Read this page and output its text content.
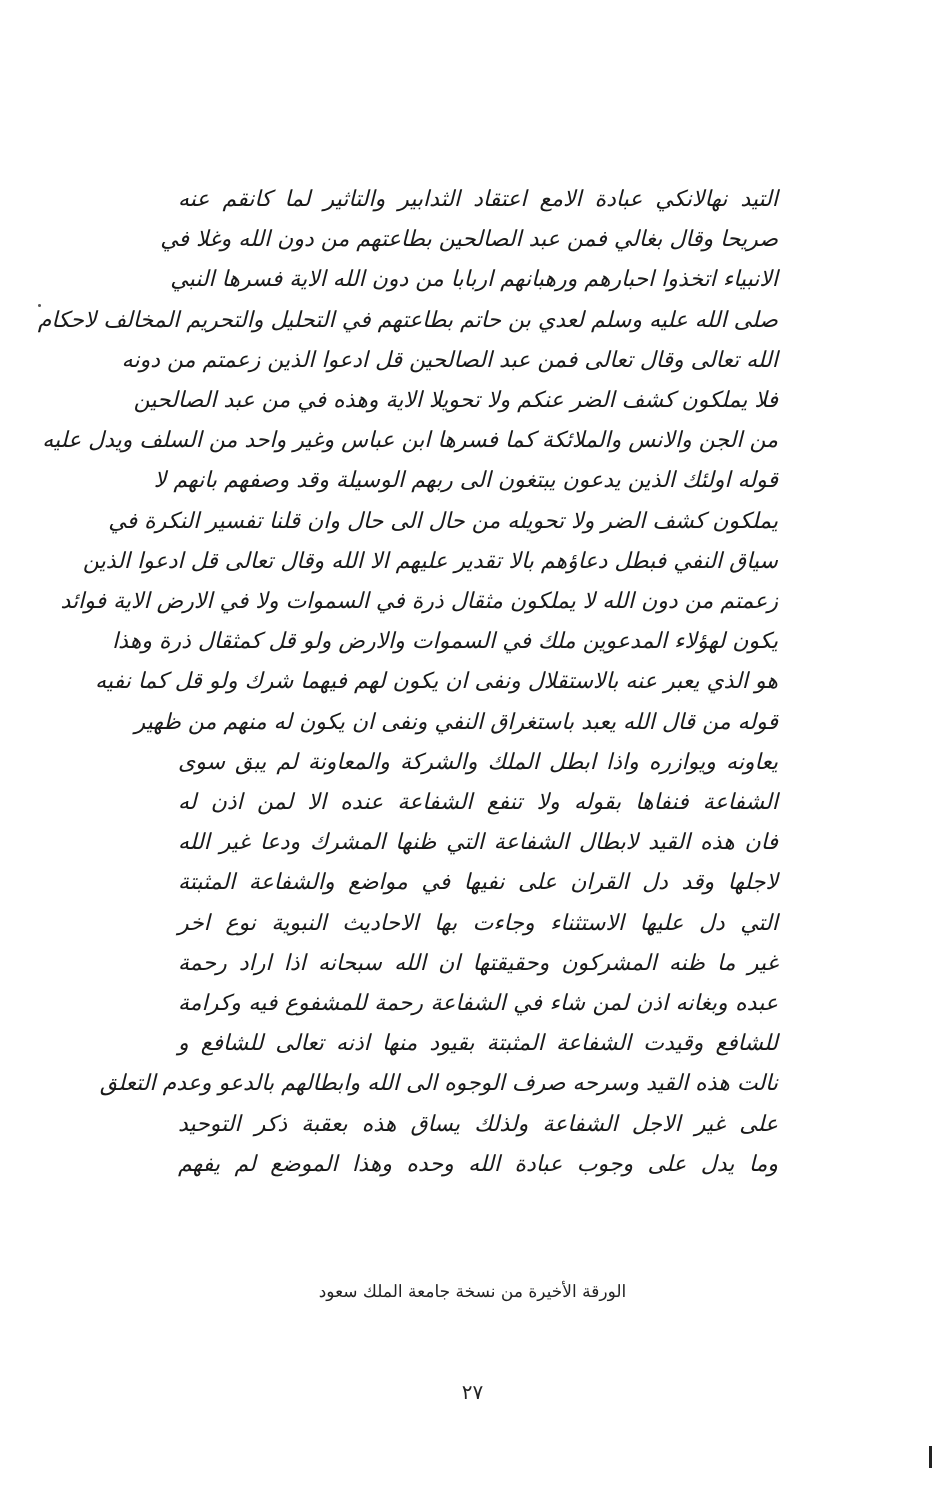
التيد نهالانكي عبادة الامع اعتقاد الثدابير والتاثير لما كانقم عنه
صريحا وقال بغالي فمن عبد الصالحين بطاعتهم من دون الله وغلا في
الانبياء اتخذوا احبارهم ورهبانهم اربابا من دون الله الاية فسرها النبي
صلى الله عليه وسلم لعدي بن حاتم بطاعتهم في التحليل والتحريم المخالف لاحكام
الله تعالى وقال تعالى فمن عبد الصالحين قل ادعوا الذين زعمتم من دونه
فلا يملكون كشف الضر عنكم ولا تحويلا الاية وهذه في من عبد الصالحين
من الجن والانس والملائكة كما فسرها ابن عباس وغير واحد من السلف ويدل عليه
قوله اولئك الذين يدعون يبتغون الى ربهم الوسيلة وقد وصفهم بانهم لا
يملكون كشف الضر ولا تحويله من حال الى حال وان قلنا تفسير النكرة في
سياق النفي فبطل دعاؤهم بالا تقدير عليهم الا الله وقال تعالى قل ادعوا الذين
زعمتم من دون الله لا يملكون مثقال ذرة في السموات ولا في الارض الاية فوائد
يكون لهؤلاء المدعوين ملك في السموات والارض ولو قل كمثقال ذرة وهذا
هو الذي يعبر عنه بالاستقلال ونفى ان يكون لهم فيهما شرك ولو قل كما نفيه
قوله من قال الله يعبد باستغراق النفي ونفى ان يكون له منهم من ظهير
يعاونه ويوازره واذا ابطل الملك والشركة والمعاونة لم يبق سوى
الشفاعة فنفاها بقوله ولا تنفع الشفاعة عنده الا لمن اذن له
فان هذه القيد لابطال الشفاعة التي ظنها المشرك ودعا غير الله
لاجلها وقد دل القران على نفيها في مواضع والشفاعة المثبتة
التي دل عليها الاستثناء وجاءت بها الاحاديث النبوية نوع اخر
غير ما ظنه المشركون وحقيقتها ان الله سبحانه اذا اراد رحمة
عبده وبغانه اذن لمن شاء في الشفاعة رحمة للمشفوع فيه وكرامة
للشافع وقيدت الشفاعة المثبتة بقيود منها اذنه تعالى للشافع و
نالت هذه القيد وسرحه صرف الوجوه الى الله وابطالهم بالدعو وعدم التعلق
على غير الاجل الشفاعة ولذلك يساق هذه بعقبة ذكر التوحيد
وما يدل على وجوب عبادة الله وحده وهذا الموضع لم يفهم
الورقة الأخيرة من نسخة جامعة الملك سعود
٢٧
